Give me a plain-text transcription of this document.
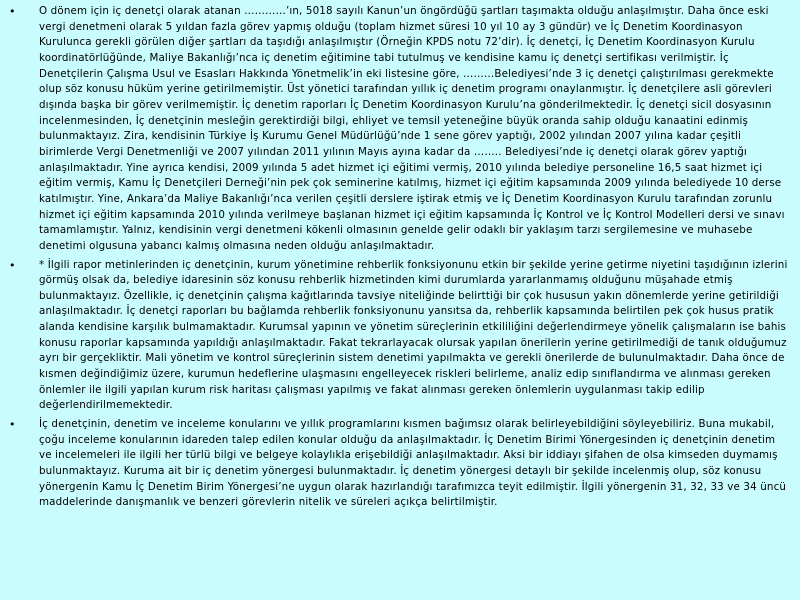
•	O dönem için iç denetçi olarak atanan …………’ın, 5018 sayılı Kanun’un öngördüğü şartları taşımakta olduğu anlaşılmıştır. Daha önce eski vergi denetmeni olarak 5 yıldan fazla görev yapmış olduğu (toplam hizmet süresi 10 yıl 10 ay 3 gündür) ve İç Denetim Koordinasyon Kurulunca gerekli görülen diğer şartları da taşıdığı anlaşılmıştır (Örneğin KPDS notu 72’dir). İç denetçi, İç Denetim Koordinasyon Kurulu koordinatörlüğünde, Maliye Bakanlığı’nca iç denetim eğitimine tabi tutulmuş ve kendisine kamu iç denetçi sertifikası verilmiştir. İç Denetçilerin Çalışma Usul ve Esasları Hakkında Yönetmelik’in eki listesine göre, ………Belediyesi’nde 3 iç denetçi çalıştırılması gerekmekte olup söz konusu hüküm yerine getirilmemiştir. Üst yönetici tarafından yıllık iç denetim programı onaylanmıştır. İç denetçilere asli görevleri dışında başka bir görev verilmemiştir. İç denetim raporları İç Denetim Koordinasyon Kurulu’na gönderilmektedir. İç denetçi sicil dosyasının incelenmesinden, İç denetçinin mesleğin gerektirdiği bilgi, ehliyet ve temsil yeteneğine büyük oranda sahip olduğu kanaatini edinmiş bulunmaktayız. Zira, kendisinin Türkiye İş Kurumu Genel Müdürlüğü’nde 1 sene görev yaptığı, 2002 yılından 2007 yılına kadar çeşitli birimlerde Vergi Denetmenliği ve 2007 yılından 2011 yılının Mayıs ayına kadar da …….. Belediyesi’nde iç denetçi olarak görev yaptığı anlaşılmaktadır. Yine ayrıca kendisi, 2009 yılında 5 adet hizmet içi eğitimi vermiş, 2010 yılında belediye personeline 16,5 saat hizmet içi eğitim vermiş, Kamu İç Denetçileri Derneği’nin pek çok seminerine katılmış, hizmet içi eğitim kapsamında 2009 yılında belediyede 10 derse katılmıştır. Yine, Ankara’da Maliye Bakanlığı’nca verilen çeşitli derslere iştirak etmiş ve İç Denetim Koordinasyon Kurulu tarafından zorunlu hizmet içi eğitim kapsamında 2010 yılında verilmeye başlanan hizmet içi eğitim kapsamında İç Kontrol ve İç Kontrol Modelleri dersi ve sınavı tamamlamıştır. Yalnız, kendisinin vergi denetmeni kökenli olmasının genelde gelir odaklı bir yaklaşım tarzı sergilemesine ve muhasebe denetimi olgusuna yabancı kalmış olmasına neden olduğu anlaşılmaktadır.
•	* İlgili rapor metinlerinden iç denetçinin, kurum yönetimine rehberlik fonksiyonunu etkin bir şekilde yerine getirme niyetini taşıdığının izlerini görmüş olsak da, belediye idaresinin söz konusu rehberlik hizmetinden kimi durumlarda yararlanmamış olduğunu müşahade etmiş bulunmaktayız. Özellikle, iç denetçinin çalışma kağıtlarında tavsiye niteliğinde belirttiği bir çok hususun yakın dönemlerde yerine getirildiği anlaşılmaktadır. İç denetçi raporları bu bağlamda rehberlik fonksiyonunu yansıtsa da, rehberlik kapsamında belirtilen pek çok husus pratik alanda kendisine karşılık bulmamaktadır. Kurumsal yapının ve yönetim süreçlerinin etkililiğini değerlendirmeye yönelik çalışmaların ise bahis konusu raporlar kapsamında yapıldığı anlaşılmaktadır. Fakat tekrarlayacak olursak yapılan önerilerin yerine getirilmediği de tanık olduğumuz ayrı bir gerçekliktir. Mali yönetim ve kontrol süreçlerinin sistem denetimi yapılmakta ve gerekli önerilerde de bulunulmaktadır. Daha önce de kısmen değindiğimiz üzere, kurumun hedeflerine ulaşmasını engelleyecek riskleri belirleme, analiz edip sınıflandırma ve alınması gereken önlemler ile ilgili yapılan kurum risk haritası çalışması yapılmış ve fakat alınması gereken önlemlerin uygulanması takip edilip değerlendirilmemektedir.
•	İç denetçinin, denetim ve inceleme konularını ve yıllık programlarını kısmen bağımsız olarak belirleyebildiğini söyleyebiliriz. Buna mukabil, çoğu inceleme konularının idareden talep edilen konular olduğu da anlaşılmaktadır. İç Denetim Birimi Yönergesinden iç denetçinin denetim ve incelemeleri ile ilgili her türlü bilgi ve belgeye kolaylıkla erişebildiği anlaşılmaktadır. Aksi bir iddiayı şifahen de olsa kimseden duymamış bulunmaktayız. Kuruma ait bir iç denetim yönergesi bulunmaktadır. İç denetim yönergesi detaylı bir şekilde incelenmiş olup, söz konusu yönergenin Kamu İç Denetim Birim Yönergesi’ne uygun olarak hazırlandığı tarafımızca teyit edilmiştir. İlgili yönergenin 31, 32, 33 ve 34 üncü maddelerinde danışmanlık ve benzeri görevlerin nitelik ve süreleri açıkça belirtilmiştir.
